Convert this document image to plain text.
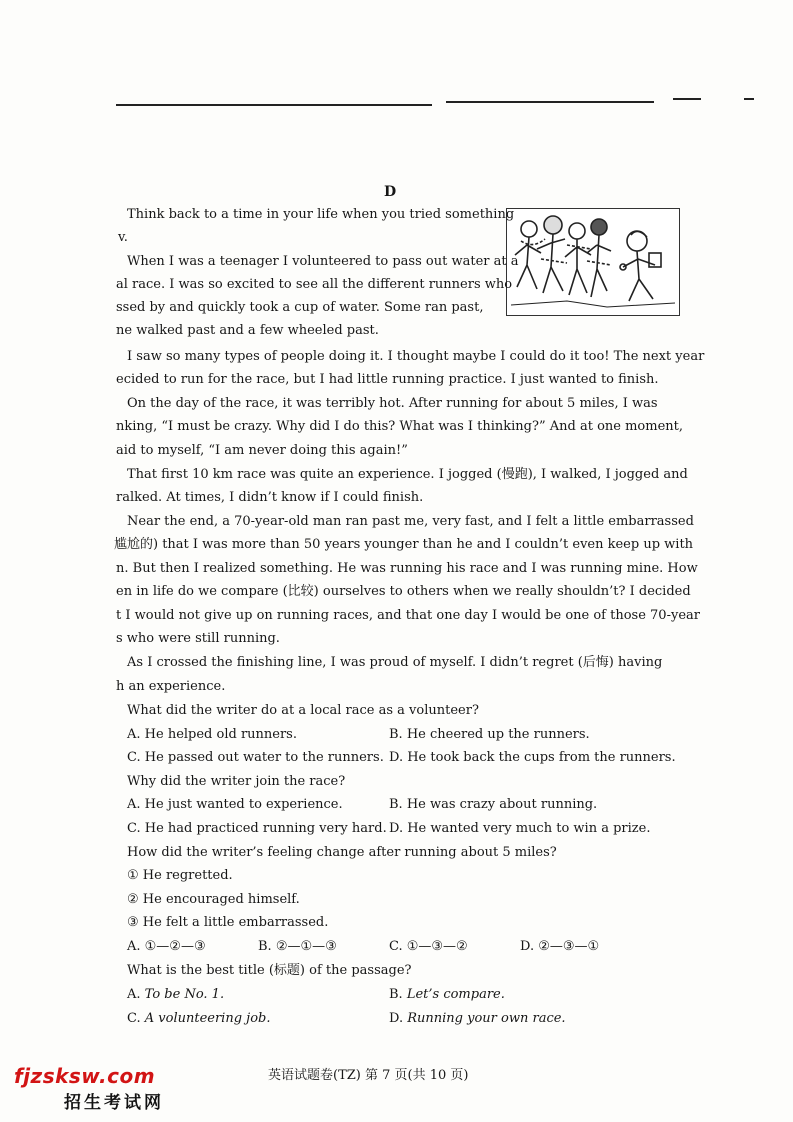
D
Think back to a time in your life when you tried something
v.
When I was a teenager I volunteered to pass out water at a
al race. I was so excited to see all the different runners who
ssed by and quickly took a cup of water. Some ran past,
ne walked past and a few wheeled past.
I saw so many types of people doing it. I thought maybe I could do it too! The next year
ecided to run for the race, but I had little running practice. I just wanted to finish.
On the day of the race, it was terribly hot. After running for about 5 miles, I was
nking, “I must be crazy. Why did I do this? What was I thinking?” And at one moment,
aid to myself, “I am never doing this again!”
That first 10 km race was quite an experience. I jogged (慢跑), I walked, I jogged and
ralked. At times, I didn’t know if I could finish.
Near the end, a 70-year-old man ran past me, very fast, and I felt a little embarrassed
尴尬的) that I was more than 50 years younger than he and I couldn’t even keep up with
n. But then I realized something. He was running his race and I was running mine. How
en in life do we compare (比较) ourselves to others when we really shouldn’t? I decided
t I would not give up on running races, and that one day I would be one of those 70-year
s who were still running.
As I crossed the finishing line, I was proud of myself. I didn’t regret (后悔) having
h an experience.
What did the writer do at a local race as a volunteer?
A. He helped old runners.	B. He cheered up the runners.
C. He passed out water to the runners. D. He took back the cups from the runners.
Why did the writer join the race?
A. He just wanted to experience.	B. He was crazy about running.
C. He had practiced running very hard. D. He wanted very much to win a prize.
How did the writer’s feeling change after running about 5 miles?
① He regretted.
② He encouraged himself.
③ He felt a little embarrassed.
A. ①—②—③	B. ②—①—③	C. ①—③—②	D. ②—③—①
What is the best title (标题) of the passage?
A. To be No. 1.	B. Let’s compare.
C. A volunteering job.	D. Running your own race.
英语试题卷(TZ) 第 7 页(共 10 页)
fjzsksw.com
招生考试网
